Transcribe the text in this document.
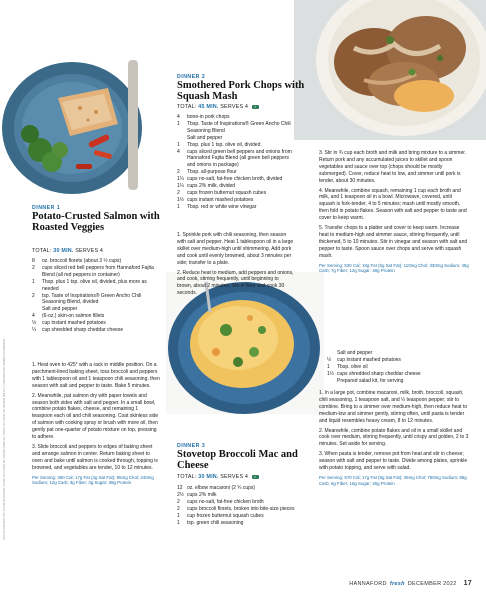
PHOTOGRAPHY BY ADAM ROTIMER; FOOD STYLING BY KARIN (SMITH); PROP STYLING BY ROBIN (KELLY); RECIPES BY REBECCA MORRIS
DINNER 2
Smothered Pork Chops with Squash Mash
TOTAL: 45 MIN. SERVES 4 ✓
4	bone-in pork chops
1	Tbsp. Taste of Inspirations® Green Ancho Chili Seasoning Blend
Salt and pepper
1	Tbsp. plus 1 tsp. olive oil, divided
4	cups sliced green bell peppers and onions from Hannaford Fajita Blend (all green bell peppers and onions in package)
2	Tbsp. all-purpose flour
1¼ cups no-salt, fat-free chicken broth, divided
1¼ cups 2% milk, divided
2	cups frozen butternut squash cubes
1½ cups instant mashed potatoes
1	Tbsp. red or white wine vinegar

1. Sprinkle pork with chili seasoning, then season with salt and pepper. Heat 1 tablespoon oil in a large skillet over medium-high until shimmering. Add pork and cook until evenly browned, about 3 minutes per side; transfer to a plate.

2. Reduce heat to medium, add peppers and onions, and cook, stirring frequently, until beginning to brown, about 2 minutes. Stir in flour and cook 30 seconds.

3. Stir in ¾ cup each broth and milk and bring mixture to a simmer. Return pork and any accumulated juices to skillet and spoon vegetables and sauce over top (chops should be mostly submerged). Cover, reduce heat to low, and simmer until pork is tender, about 30 minutes.

4. Meanwhile, combine squash, remaining 1 cup each broth and milk, and 1 teaspoon oil in a bowl. Microwave, covered, until squash is fork-tender, 4 to 5 minutes; mash until mostly smooth, then fold in potato flakes. Season with salt and pepper to taste and cover to keep warm.

5. Transfer chops to a platter and cover to keep warm. Increase heat to medium-high and simmer sauce, stirring frequently, until thickened, 5 to 10 minutes. Stir in vinegar and season with salt and pepper to taste. Spoon sauce over chops and serve with squash mash.

Per Serving: 530 Cal; 18g Fat (5g Sat Fat); 110mg Chol; 330mg Sodium; 45g Carb; 7g Fiber; 12g Sugar; 48g Protein

DINNER 1
Potato-Crusted Salmon with Roasted Veggies
TOTAL: 30 MIN. SERVES 4
8	oz. broccoli florets (about 3 ½ cups)
2	cups sliced red bell peppers from Hannaford Fajita Blend (all red peppers in container)
1	Tbsp. plus 1 tsp. olive oil, divided, plus more as needed
2	tsp. Taste of Inspirations® Green Ancho Chili Seasoning Blend, divided
Salt and pepper
4	(6-oz.) skin-on salmon fillets
⅓	cup instant mashed potatoes
¼	cup shredded sharp cheddar cheese

1. Heat oven to 425° with a rack in middle position. On a parchment-lined baking sheet, toss broccoli and peppers with 1 tablespoon oil and 1 teaspoon chili seasoning, then season with salt and pepper to taste. Bake 5 minutes.

2. Meanwhile, pat salmon dry with paper towels and season both sides with salt and pepper. In a small bowl, combine potato flakes, cheese, and remaining 1 teaspoon each oil and chili seasoning. Coat skinless side of salmon with cooking spray or brush with more oil, then gently pat one-quarter of potato mixture on top, pressing to adhere.

3. Slide broccoli and peppers to edges of baking sheet and arrange salmon in center. Return baking sheet to oven and bake until salmon is cooked through, topping is browned, and vegetables are tender, 10 to 12 minutes.

Per Serving: 360 Cal; 17g Fat (3g Sat Fat); 95mg Chol; 240mg Sodium; 12g Carb; 3g Fiber; 3g Sugar; 38g Protein

DINNER 3
Stovetop Broccoli Mac and Cheese
TOTAL: 30 MIN. SERVES 4 ✓
12 oz. elbow macaroni (2 ¾ cups)
2½ cups 2% milk
2	cups no-salt, fat-free chicken broth
2	cups broccoli florets, broken into bite-size pieces
1	cup frozen butternut squash cubes
1	tsp. green chili seasoning
Salt and pepper
½	cup instant mashed potatoes
1	Tbsp. olive oil
1½ cups shredded sharp cheddar cheese
Prepared salad kit, for serving

1. In a large pot, combine macaroni, milk, broth, broccoli, squash, chili seasoning, 1 teaspoon salt, and ½ teaspoon pepper; stir to combine. Bring to a simmer over medium-high, then reduce heat to medium-low and simmer gently, stirring often, until pasta is tender and liquid resembles heavy cream, 8 to 12 minutes.

2. Meanwhile, combine potato flakes and oil in a small skillet and cook over medium, stirring frequently, until crispy and golden, 2 to 3 minutes. Set aside for serving.

3. When pasta is tender, remove pot from heat and stir in cheese; season with salt and pepper to taste. Divide among plates, sprinkle with potato topping, and serve with salad.

Per Serving: 570 Cal; 17g Fat (9g Sat Fat); 35mg Chol; 750mg Sodium; 86g Carb; 6g Fiber; 16g Sugar; 26g Protein

HANNAFORD fresh DECEMBER 2022 17
